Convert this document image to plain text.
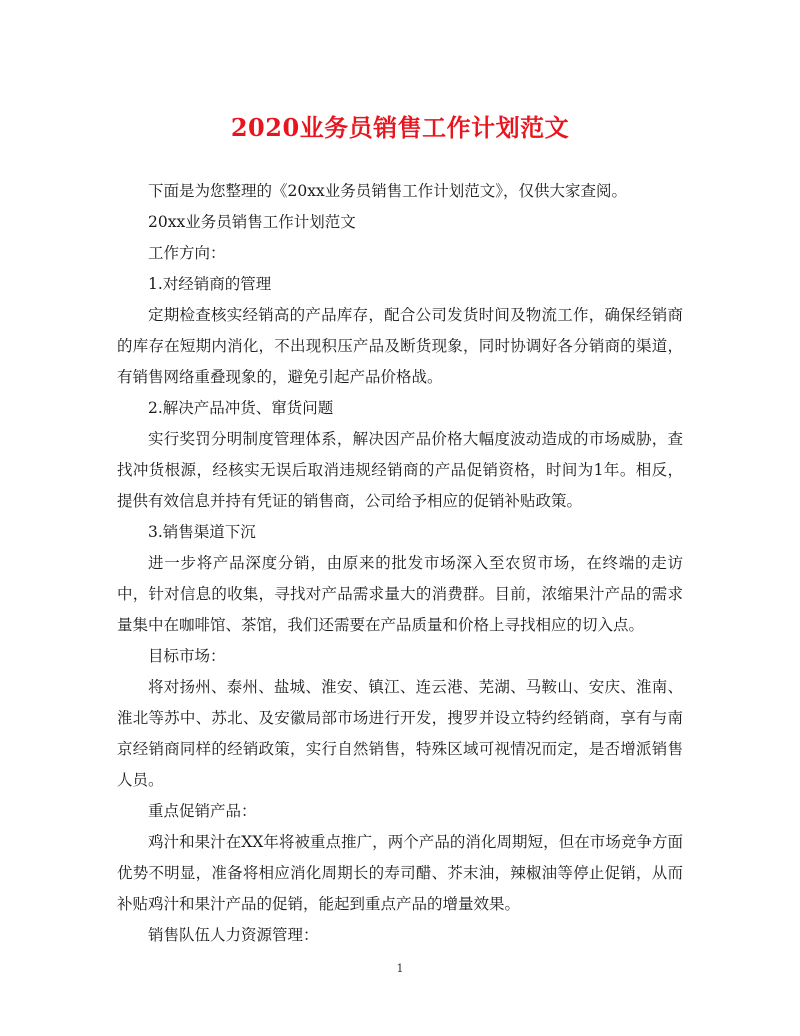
2020业务员销售工作计划范文

下面是为您整理的《20xx业务员销售工作计划范文》，仅供大家查阅。

20xx业务员销售工作计划范文

工作方向：

1.对经销商的管理

定期检查核实经销高的产品库存，配合公司发货时间及物流工作，确保经销商的库存在短期内消化，不出现积压产品及断货现象，同时协调好各分销商的渠道，有销售网络重叠现象的，避免引起产品价格战。

2.解决产品冲货、窜货问题

实行奖罚分明制度管理体系，解决因产品价格大幅度波动造成的市场威胁，查找冲货根源，经核实无误后取消违规经销商的产品促销资格，时间为1年。相反，提供有效信息并持有凭证的销售商，公司给予相应的促销补贴政策。

3.销售渠道下沉

进一步将产品深度分销，由原来的批发市场深入至农贸市场，在终端的走访中，针对信息的收集，寻找对产品需求量大的消费群。目前，浓缩果汁产品的需求量集中在咖啡馆、茶馆，我们还需要在产品质量和价格上寻找相应的切入点。

目标市场：

将对扬州、泰州、盐城、淮安、镇江、连云港、芜湖、马鞍山、安庆、淮南、淮北等苏中、苏北、及安徽局部市场进行开发，搜罗并设立特约经销商，享有与南京经销商同样的经销政策，实行自然销售，特殊区域可视情况而定，是否增派销售人员。

重点促销产品：

鸡汁和果汁在XX年将被重点推广，两个产品的消化周期短，但在市场竞争方面优势不明显，准备将相应消化周期长的寿司醋、芥末油，辣椒油等停止促销，从而补贴鸡汁和果汁产品的促销，能起到重点产品的增量效果。

销售队伍人力资源管理：

1
